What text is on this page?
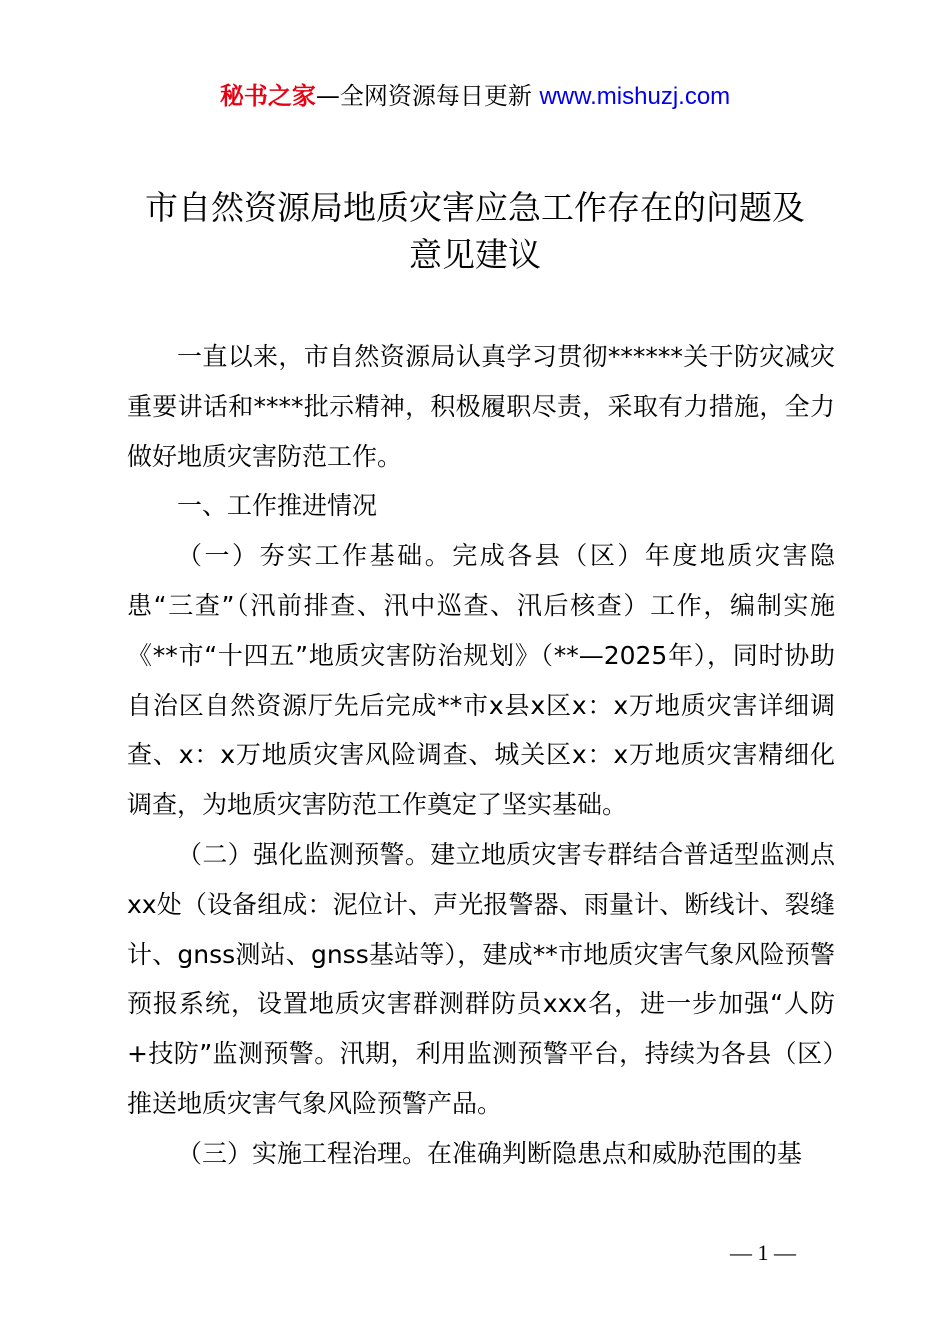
秘书之家—全网资源每日更新 www.mishuzj.com
市自然资源局地质灾害应急工作存在的问题及
意见建议

一直以来，市自然资源局认真学习贯彻******关于防灾减灾重要讲话和****批示精神，积极履职尽责，采取有力措施，全力做好地质灾害防范工作。

一、工作推进情况

（一）夯实工作基础。完成各县（区）年度地质灾害隐患“三查”（汛前排查、汛中巡查、汛后核查）工作，编制实施《**市“十四五”地质灾害防治规划》（**—2025年），同时协助自治区自然资源厅先后完成**市x县x区x：x万地质灾害详细调查、x：x万地质灾害风险调查、城关区x：x万地质灾害精细化调查，为地质灾害防范工作奠定了坚实基础。

（二）强化监测预警。建立地质灾害专群结合普适型监测点xx处（设备组成：泥位计、声光报警器、雨量计、断线计、裂缝计、gnss测站、gnss基站等），建成**市地质灾害气象风险预警预报系统，设置地质灾害群测群防员xxx名，进一步加强“人防+技防”监测预警。汛期，利用监测预警平台，持续为各县（区）推送地质灾害气象风险预警产品。

（三）实施工程治理。在准确判断隐患点和威胁范围的基

— 1 —
